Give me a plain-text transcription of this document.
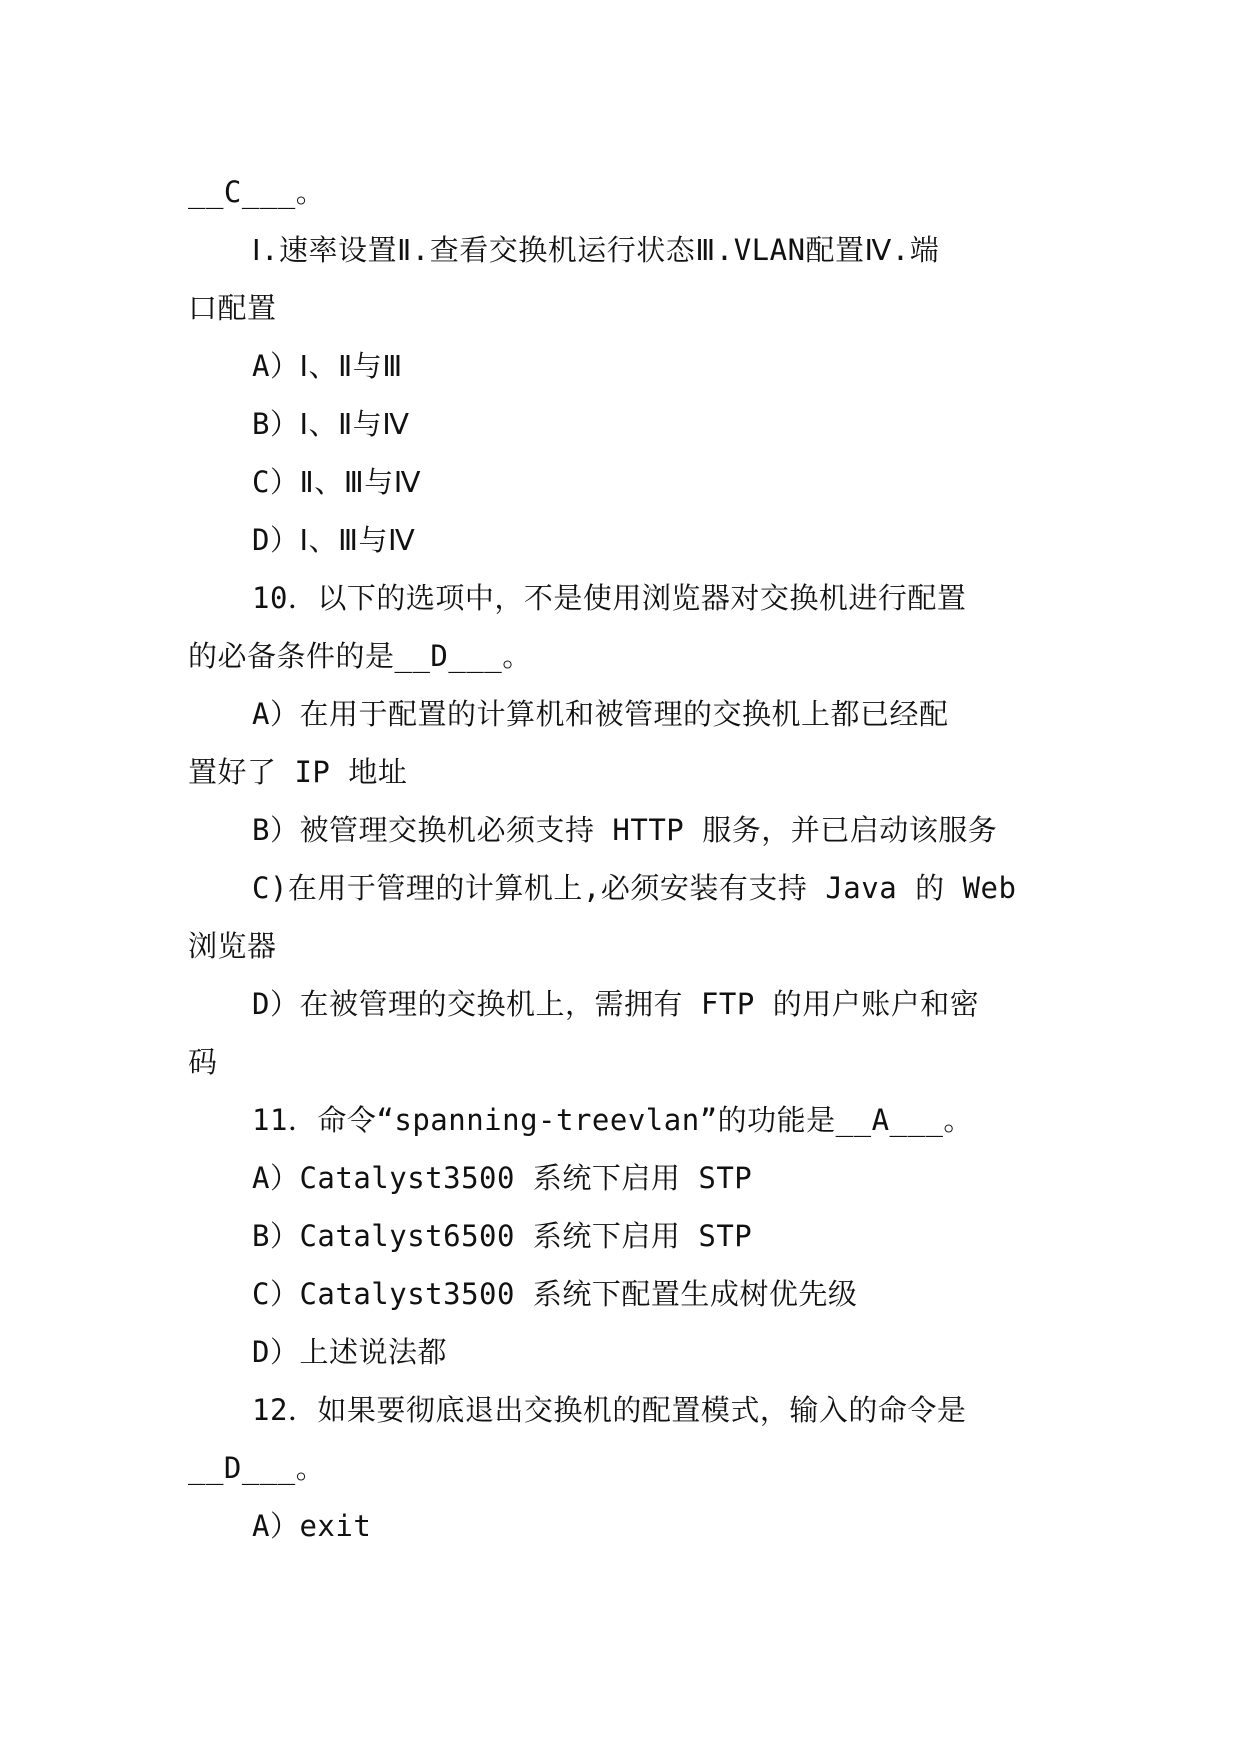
__C___。
Ⅰ.速率设置Ⅱ.查看交换机运行状态Ⅲ.VLAN配置Ⅳ.端
口配置
A）Ⅰ、Ⅱ与Ⅲ
B）Ⅰ、Ⅱ与Ⅳ
C）Ⅱ、Ⅲ与Ⅳ
D）Ⅰ、Ⅲ与Ⅳ
10．以下的选项中，不是使用浏览器对交换机进行配置
的必备条件的是__D___。
A）在用于配置的计算机和被管理的交换机上都已经配
置好了 IP 地址
B）被管理交换机必须支持 HTTP 服务，并已启动该服务
C)在用于管理的计算机上,必须安装有支持 Java 的 Web
浏览器
D）在被管理的交换机上，需拥有 FTP 的用户账户和密
码
11．命令“spanning-treevlan”的功能是__A___。
A）Catalyst3500 系统下启用 STP
B）Catalyst6500 系统下启用 STP
C）Catalyst3500 系统下配置生成树优先级
D）上述说法都
12．如果要彻底退出交换机的配置模式，输入的命令是
__D___。
A）exit
